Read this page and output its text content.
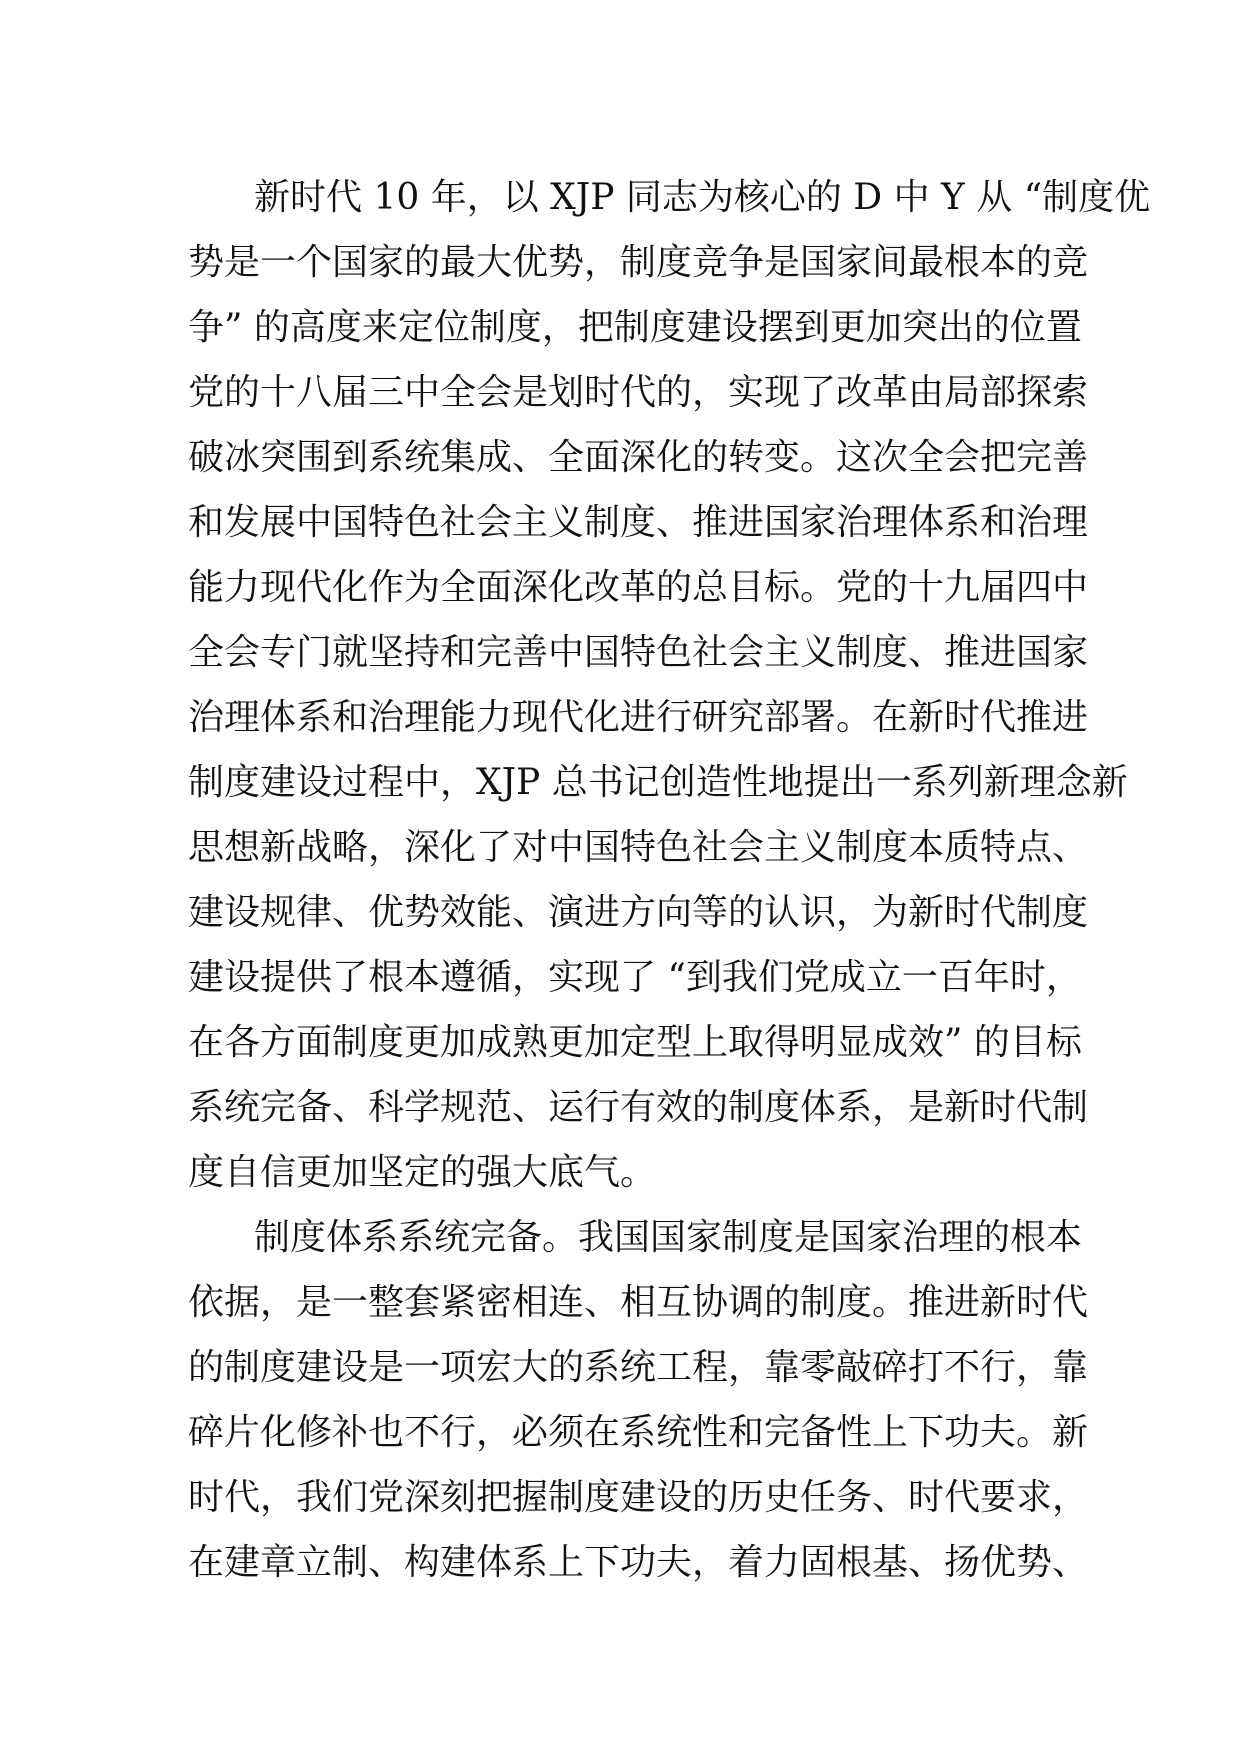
新时代 10 年，以 XJP 同志为核心的 D 中 Y 从 “制度优
势是一个国家的最大优势，制度竞争是国家间最根本的竞
争” 的高度来定位制度，把制度建设摆到更加突出的位置
党的十八届三中全会是划时代的，实现了改革由局部探索
破冰突围到系统集成、全面深化的转变。这次全会把完善
和发展中国特色社会主义制度、推进国家治理体系和治理
能力现代化作为全面深化改革的总目标。党的十九届四中
全会专门就坚持和完善中国特色社会主义制度、推进国家
治理体系和治理能力现代化进行研究部署。在新时代推进
制度建设过程中，XJP 总书记创造性地提出一系列新理念新
思想新战略，深化了对中国特色社会主义制度本质特点、
建设规律、优势效能、演进方向等的认识，为新时代制度
建设提供了根本遵循，实现了 “到我们党成立一百年时，
在各方面制度更加成熟更加定型上取得明显成效” 的目标
系统完备、科学规范、运行有效的制度体系，是新时代制
度自信更加坚定的强大底气。
制度体系系统完备。我国国家制度是国家治理的根本
依据，是一整套紧密相连、相互协调的制度。推进新时代
的制度建设是一项宏大的系统工程，靠零敲碎打不行，靠
碎片化修补也不行，必须在系统性和完备性上下功夫。新
时代，我们党深刻把握制度建设的历史任务、时代要求，
在建章立制、构建体系上下功夫，着力固根基、扬优势、
